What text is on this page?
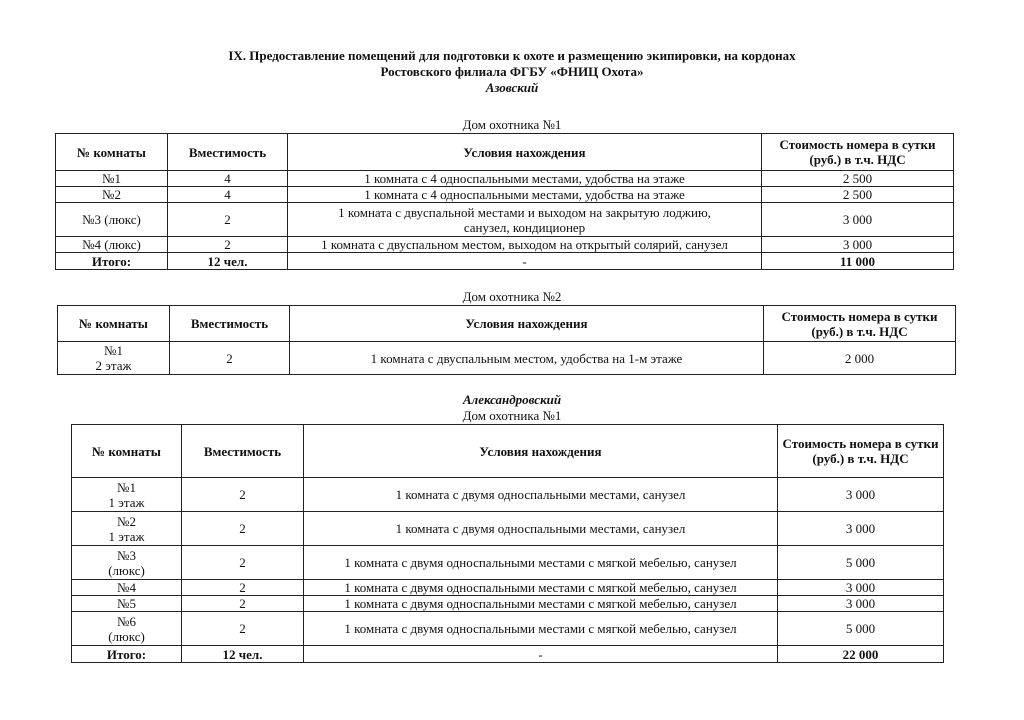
IX. Предоставление помещений для подготовки к охоте и размещению экипировки, на кордонах
Ростовского филиала ФГБУ «ФНИЦ Охота»
Азовский
Дом охотника №1
№ комнаты	Вместимость	Условия нахождения	Стоимость номера в сутки (руб.) в т.ч. НДС
№1	4	1 комната с 4 односпальными местами, удобства на этаже	2 500
№2	4	1 комната с 4 односпальными местами, удобства на этаже	2 500
№3 (люкс)	2	1 комната с двуспальной местами и выходом на закрытую лоджию, санузел, кондиционер	3 000
№4 (люкс)	2	1 комната с двуспальном местом, выходом на открытый солярий, санузел	3 000
Итого:	12 чел.	-	11 000
Дом охотника №2
№ комнаты	Вместимость	Условия нахождения	Стоимость номера в сутки (руб.) в т.ч. НДС

№1
2 этаж	2	1 комната с двуспальным местом, удобства на 1-м этаже	2 000
Александровский
Дом охотника №1
№ комнаты	Вместимость	Условия нахождения	Стоимость номера в сутки (руб.) в т.ч. НДС

№1
1 этаж	2	1 комната с двумя односпальными местами, санузел	3 000

№2
1 этаж	2	1 комната с двумя односпальными местами, санузел	3 000

№3
(люкс)	2	1 комната с двумя односпальными местами с мягкой мебелью, санузел	5 000
№4	2	1 комната с двумя односпальными местами с мягкой мебелью, санузел	3 000
№5	2	1 комната с двумя односпальными местами с мягкой мебелью, санузел	3 000

№6
(люкс)	2	1 комната с двумя односпальными местами с мягкой мебелью, санузел	5 000
Итого:	12 чел.	-	22 000
